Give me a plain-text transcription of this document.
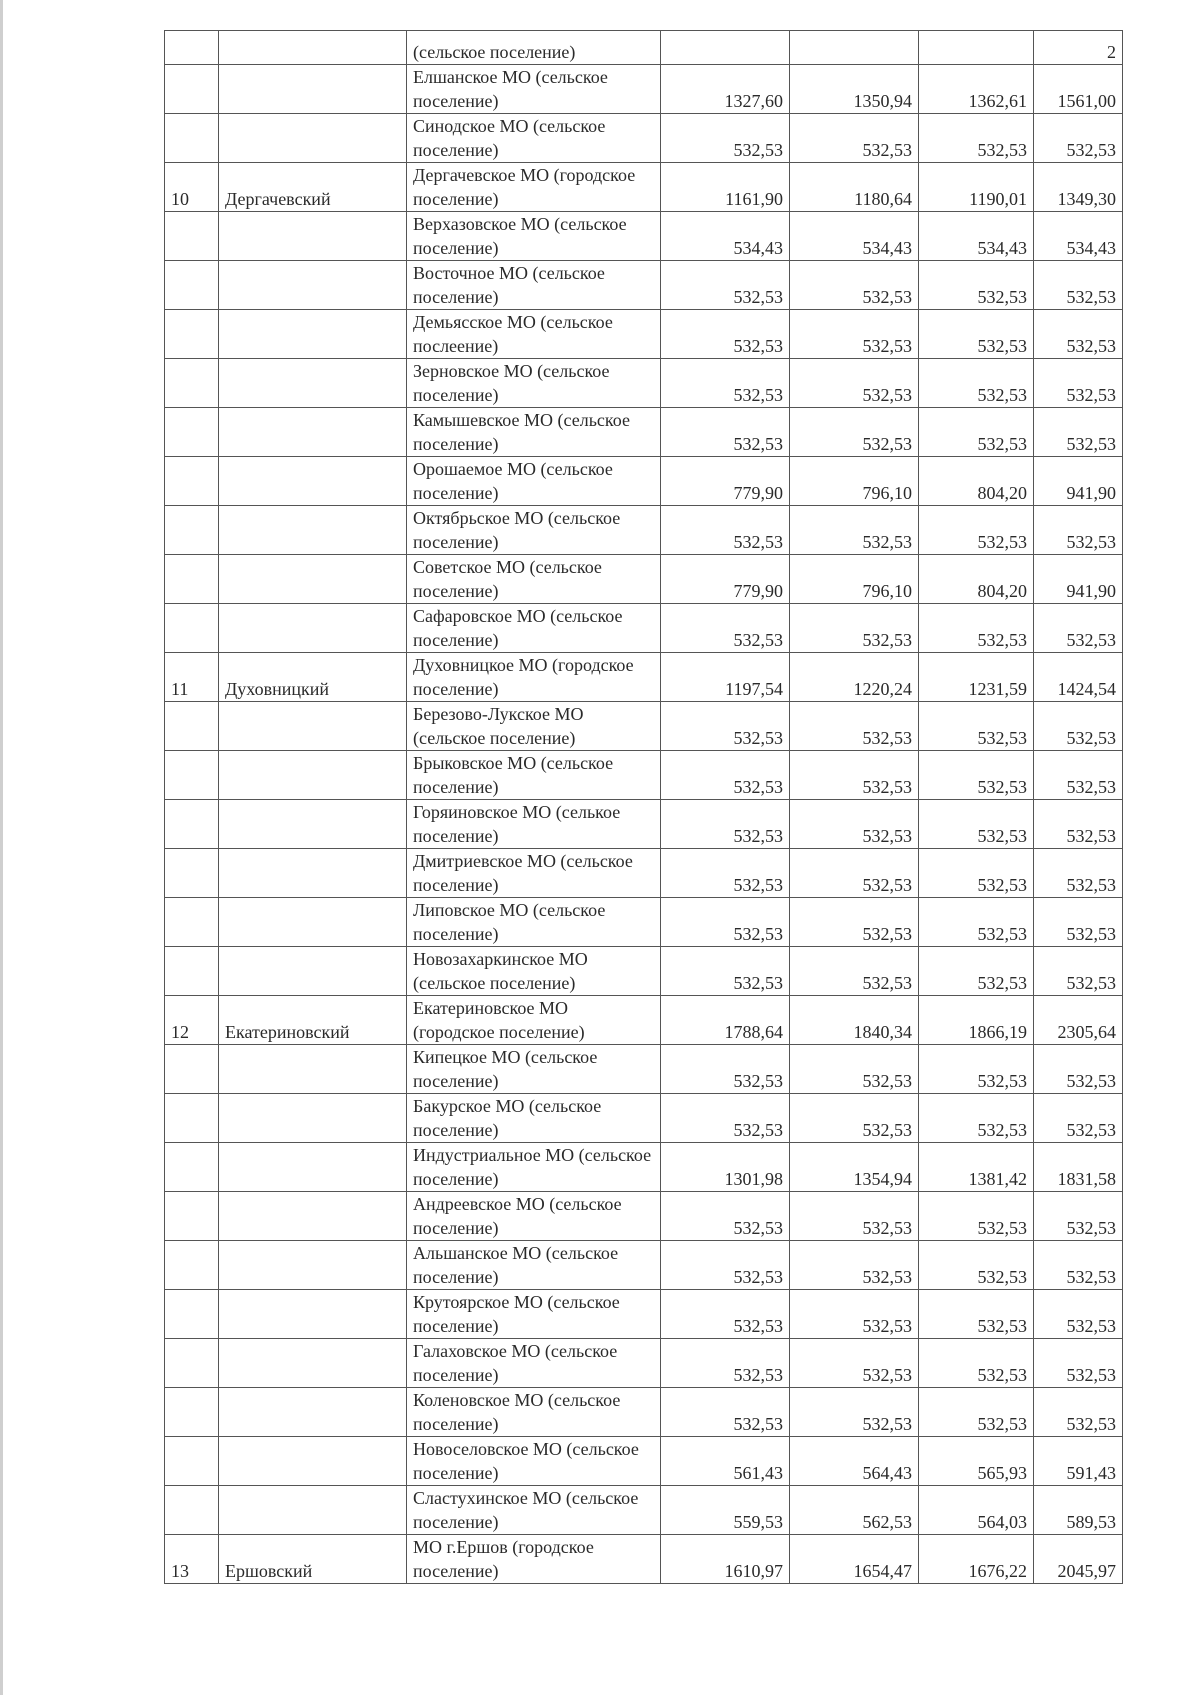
		(сельское поселение)				2
		Елшанское МО (сельское поселение)	1327,60	1350,94	1362,61	1561,00
		Синодское МО (сельское поселение)	532,53	532,53	532,53	532,53
10	Дергачевский	Дергачевское МО (городское поселение)	1161,90	1180,64	1190,01	1349,30
		Верхазовское МО (сельское поселение)	534,43	534,43	534,43	534,43
		Восточное МО (сельское поселение)	532,53	532,53	532,53	532,53
		Демьясское МО (сельское послеение)	532,53	532,53	532,53	532,53
		Зерновское МО (сельское поселение)	532,53	532,53	532,53	532,53
		Камышевское МО (сельское поселение)	532,53	532,53	532,53	532,53
		Орошаемое МО (сельское поселение)	779,90	796,10	804,20	941,90
		Октябрьское МО (сельское поселение)	532,53	532,53	532,53	532,53
		Советское МО (сельское поселение)	779,90	796,10	804,20	941,90
		Сафаровское МО (сельское поселение)	532,53	532,53	532,53	532,53
11	Духовницкий	Духовницкое МО (городское поселение)	1197,54	1220,24	1231,59	1424,54
		Березово-Лукское МО (сельское поселение)	532,53	532,53	532,53	532,53
		Брыковское МО (сельское поселение)	532,53	532,53	532,53	532,53
		Горяиновское МО (селькое поселение)	532,53	532,53	532,53	532,53
		Дмитриевское МО (сельское поселение)	532,53	532,53	532,53	532,53
		Липовское МО (сельское поселение)	532,53	532,53	532,53	532,53
		Новозахаркинское МО (сельское поселение)	532,53	532,53	532,53	532,53
12	Екатериновский	Екатериновское МО (городское поселение)	1788,64	1840,34	1866,19	2305,64
		Кипецкое МО (сельское поселение)	532,53	532,53	532,53	532,53
		Бакурское МО (сельское поселение)	532,53	532,53	532,53	532,53
		Индустриальное МО (сельское поселение)	1301,98	1354,94	1381,42	1831,58
		Андреевское МО (сельское поселение)	532,53	532,53	532,53	532,53
		Альшанское МО (сельское поселение)	532,53	532,53	532,53	532,53
		Крутоярское МО (сельское поселение)	532,53	532,53	532,53	532,53
		Галаховское МО (сельское поселение)	532,53	532,53	532,53	532,53
		Коленовское МО (сельское поселение)	532,53	532,53	532,53	532,53
		Новоселовское МО (сельское поселение)	561,43	564,43	565,93	591,43
		Сластухинское МО (сельское поселение)	559,53	562,53	564,03	589,53
13	Ершовский	МО г.Ершов (городское поселение)	1610,97	1654,47	1676,22	2045,97
